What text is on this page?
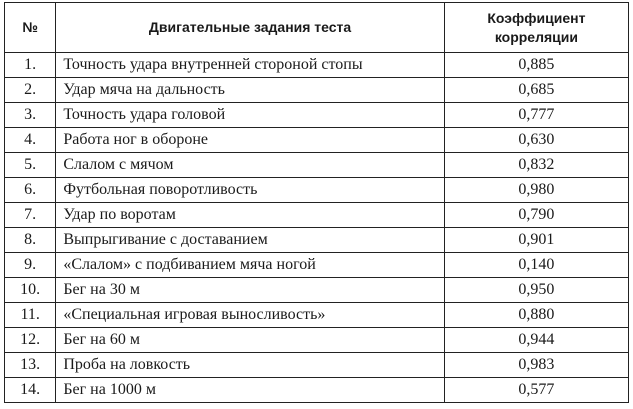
№	Двигательные задания теста	Коэффициент корреляции
1.	Точность удара внутренней стороной стопы	0,885
2.	Удар мяча на дальность	0,685
3.	Точность удара головой	0,777
4.	Работа ног в обороне	0,630
5.	Слалом с мячом	0,832
6.	Футбольная поворотливость	0,980
7.	Удар по воротам	0,790
8.	Выпрыгивание с доставанием	0,901
9.	«Слалом» с подбиванием мяча ногой	0,140
10.	Бег на 30 м	0,950
11.	«Специальная игровая выносливость»	0,880
12.	Бег на 60 м	0,944
13.	Проба на ловкость	0,983
14.	Бег на 1000 м	0,577
